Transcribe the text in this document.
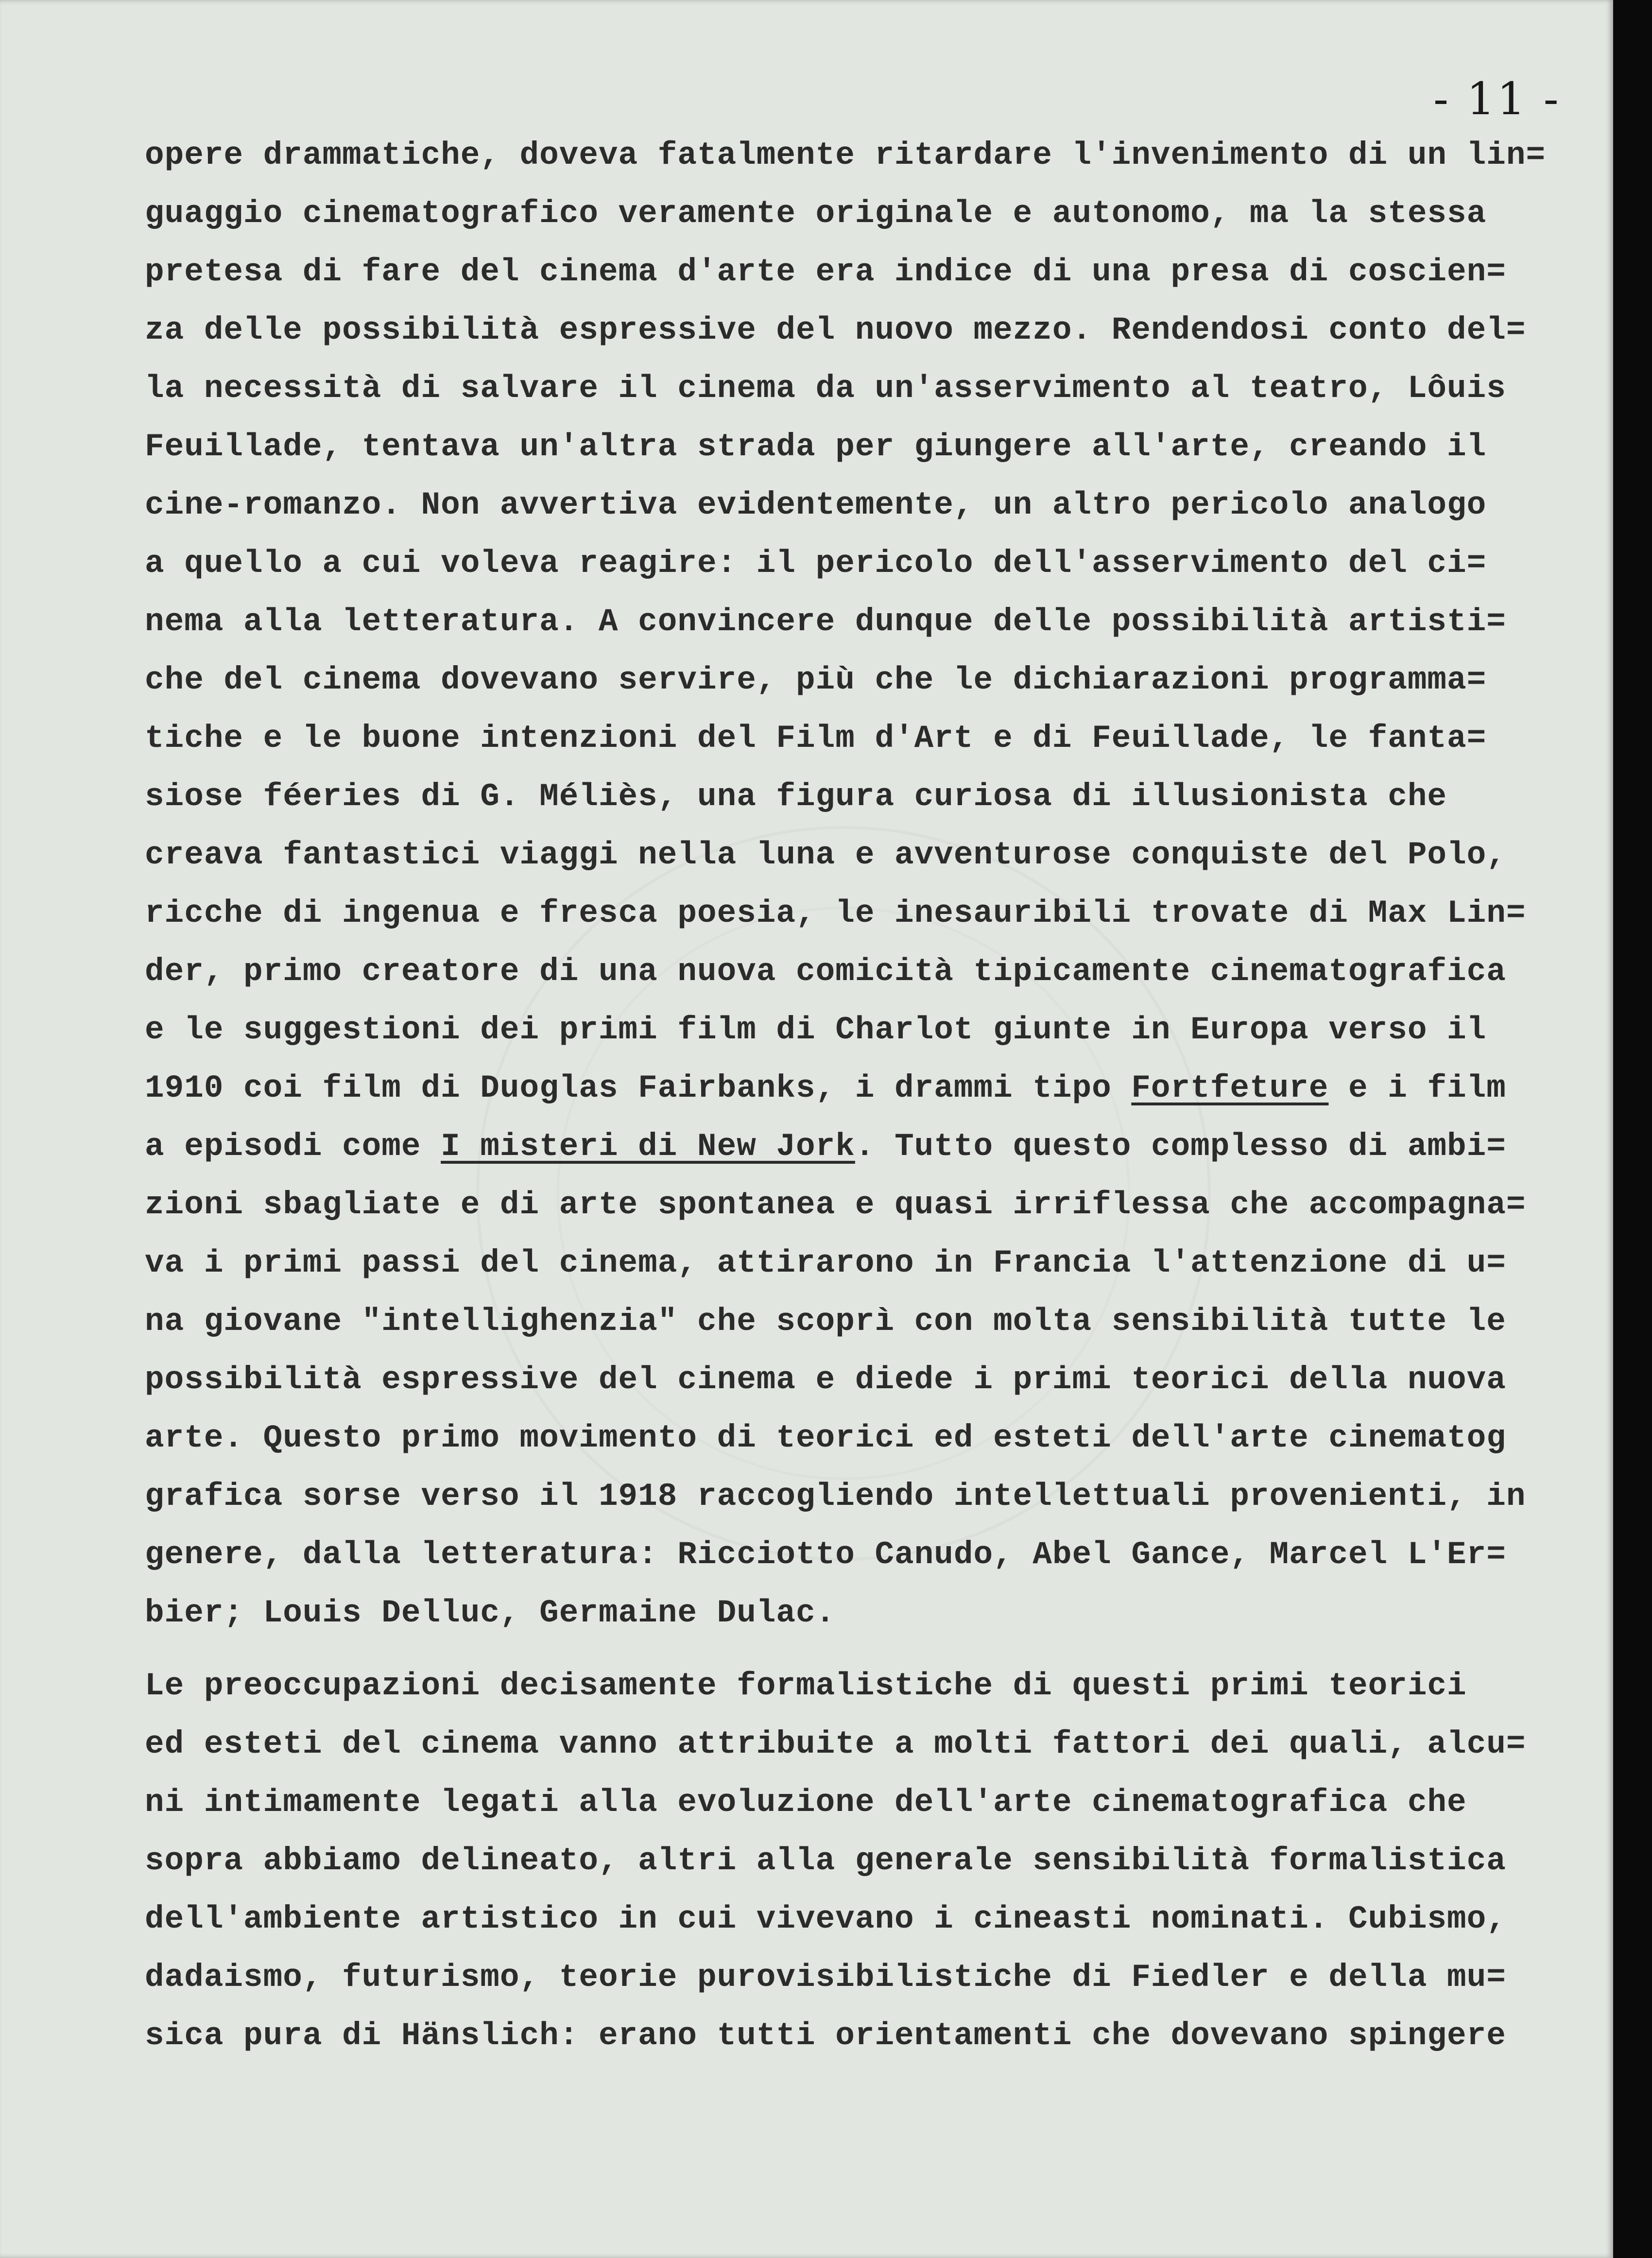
- 11 -
opere drammatiche, doveva fatalmente ritardare l'invenimento di un lin=
guaggio cinematografico veramente originale e autonomo, ma la stessa
pretesa di fare del cinema d'arte era indice di una presa di coscien=
za delle possibilità espressive del nuovo mezzo. Rendendosi conto del=
la necessità di salvare il cinema da un'asservimento al teatro, Lôuis
Feuillade, tentava un'altra strada per giungere all'arte, creando il
cine-romanzo. Non avvertiva evidentemente, un altro pericolo analogo
a quello a cui voleva reagire: il pericolo dell'asservimento del ci=
nema alla letteratura. A convincere dunque delle possibilità artisti=
che del cinema dovevano servire, più che le dichiarazioni programma=
tiche e le buone intenzioni del Film d'Art e di Feuillade, le fanta=
siose féeries di G. Méliès, una figura curiosa di illusionista che
creava fantastici viaggi nella luna e avventurose conquiste del Polo,
ricche di ingenua e fresca poesia, le inesauribili trovate di Max Lin=
der, primo creatore di una nuova comicità tipicamente cinematografica
e le suggestioni dei primi film di Charlot giunte in Europa verso il
1910 coi film di Duoglas Fairbanks, i drammi tipo Fortfeture e i film
a episodi come I misteri di New Jork. Tutto questo complesso di ambi=
zioni sbagliate e di arte spontanea e quasi irriflessa che accompagna=
va i primi passi del cinema, attirarono in Francia l'attenzione di u=
na giovane "intellighenzia" che scoprì con molta sensibilità tutte le
possibilità espressive del cinema e diede i primi teorici della nuova
arte. Questo primo movimento di teorici ed esteti dell'arte cinematog
grafica sorse verso il 1918 raccogliendo intellettuali provenienti, in
genere, dalla letteratura: Ricciotto Canudo, Abel Gance, Marcel L'Er=
bier; Louis Delluc, Germaine Dulac.
Le preoccupazioni decisamente formalistiche di questi primi teorici
ed esteti del cinema vanno attribuite a molti fattori dei quali, alcu=
ni intimamente legati alla evoluzione dell'arte cinematografica che
sopra abbiamo delineato, altri alla generale sensibilità formalistica
dell'ambiente artistico in cui vivevano i cineasti nominati. Cubismo,
dadaismo, futurismo, teorie purovisibilistiche di Fiedler e della mu=
sica pura di Hänslich: erano tutti orientamenti che dovevano spingere
